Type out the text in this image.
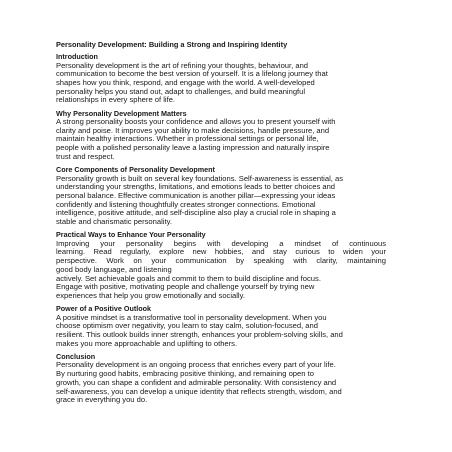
Personality Development: Building a Strong and Inspiring Identity
Introduction
Personality development is the art of refining your thoughts, behaviour, and
communication to become the best version of yourself. It is a lifelong journey that
shapes how you think, respond, and engage with the world. A well-developed
personality helps you stand out, adapt to challenges, and build meaningful
relationships in every sphere of life.
Why Personality Development Matters
A strong personality boosts your confidence and allows you to present yourself with
clarity and poise. It improves your ability to make decisions, handle pressure, and
maintain healthy interactions. Whether in professional settings or personal life,
people with a polished personality leave a lasting impression and naturally inspire
trust and respect.
Core Components of Personality Development
Personality growth is built on several key foundations. Self-awareness is essential, as
understanding your strengths, limitations, and emotions leads to better choices and
personal balance. Effective communication is another pillar—expressing your ideas
confidently and listening thoughtfully creates stronger connections. Emotional
intelligence, positive attitude, and self-discipline also play a crucial role in shaping a
stable and charismatic personality.
Practical Ways to Enhance Your Personality
Improving your personality begins with developing a mindset of continuous
learning. Read regularly, explore new hobbies, and stay curious to widen your
perspective. Work on your communication by speaking with clarity, maintaining
good body language, and listening
actively. Set achievable goals and commit to them to build discipline and focus.
Engage with positive, motivating people and challenge yourself by trying new
experiences that help you grow emotionally and socially.
Power of a Positive Outlook
A positive mindset is a transformative tool in personality development. When you
choose optimism over negativity, you learn to stay calm, solution-focused, and
resilient. This outlook builds inner strength, enhances your problem-solving skills, and
makes you more approachable and uplifting to others.
Conclusion
Personality development is an ongoing process that enriches every part of your life.
By nurturing good habits, embracing positive thinking, and remaining open to
growth, you can shape a confident and admirable personality. With consistency and
self-awareness, you can develop a unique identity that reflects strength, wisdom, and
grace in everything you do.
